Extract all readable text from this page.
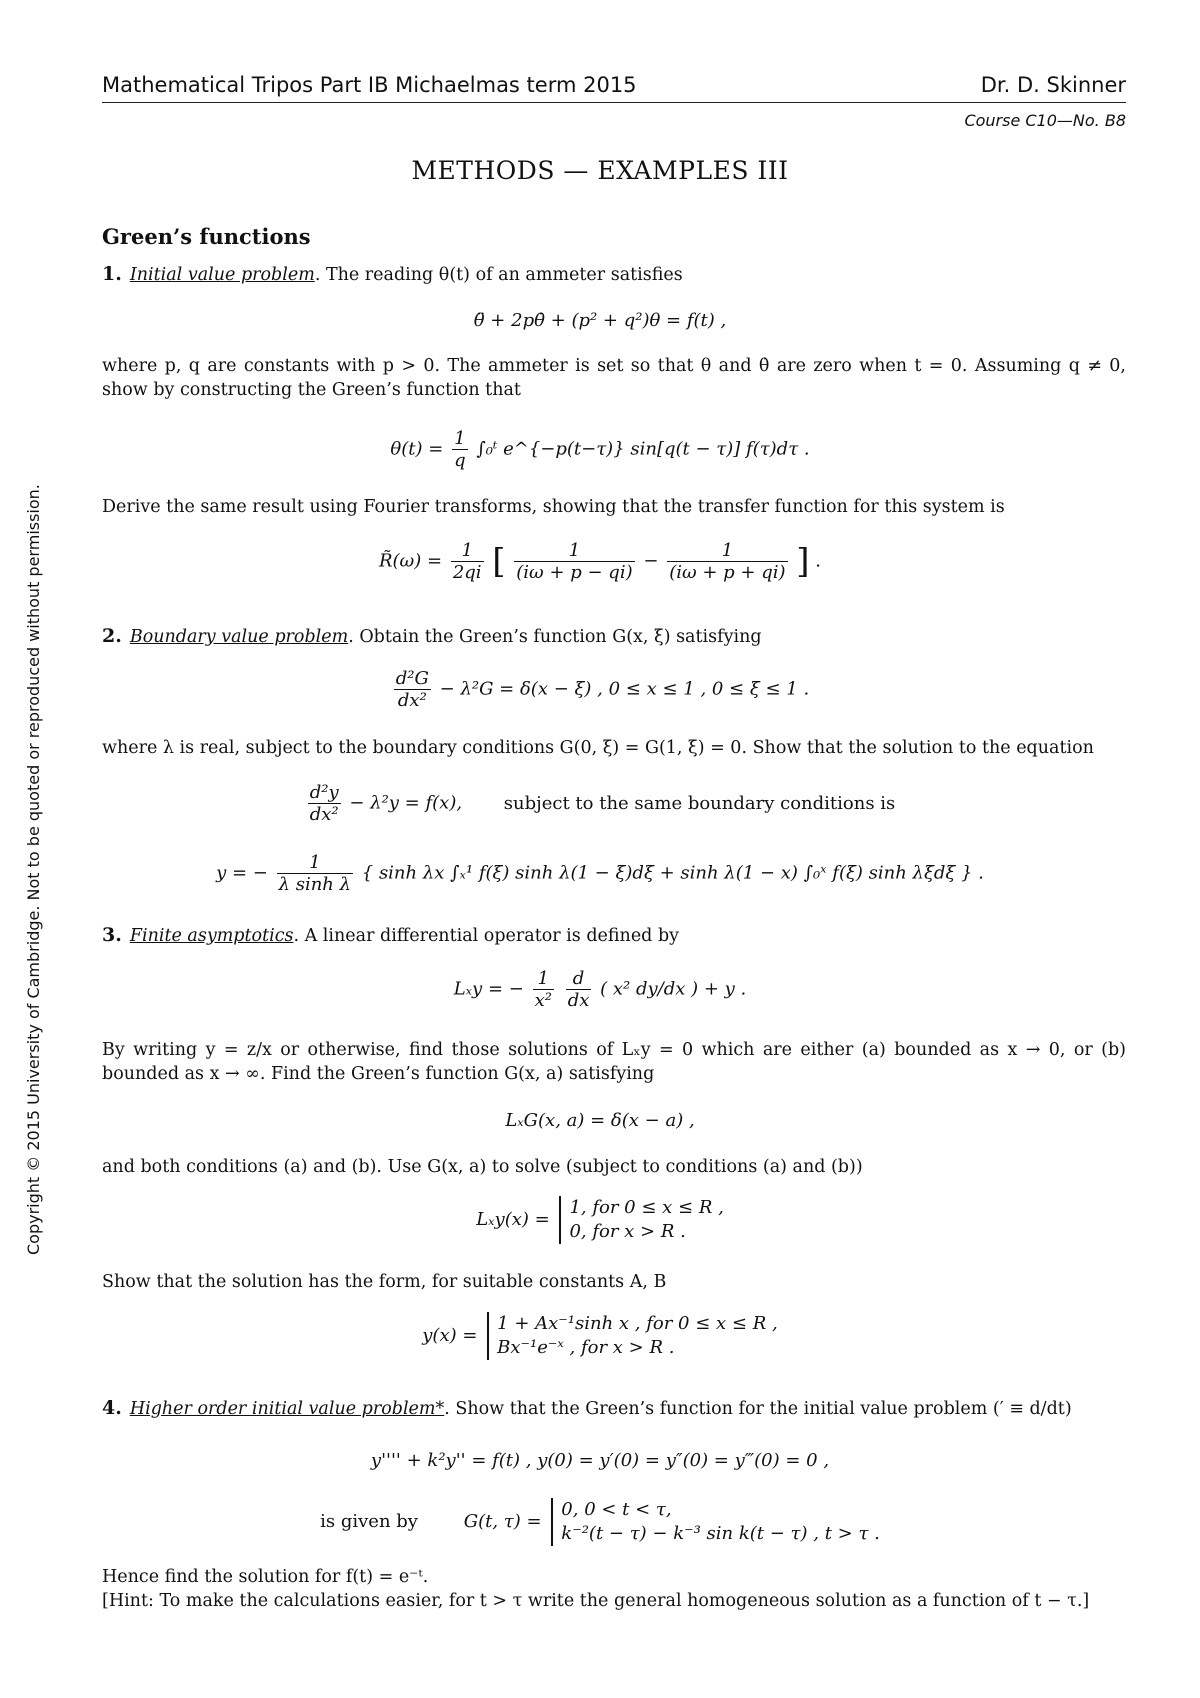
Mathematical Tripos Part IB Michaelmas term 2015	Dr. D. Skinner
Course C10—No. B8
Copyright © 2015 University of Cambridge. Not to be quoted or reproduced without permission.
METHODS — EXAMPLES III
Green’s functions
1. Initial value problem. The reading θ(t) of an ammeter satisfies
θ̈ + 2pθ̇ + (p² + q²)θ = f(t) ,
where p, q are constants with p > 0. The ammeter is set so that θ and θ̇ are zero when t = 0. Assuming q ≠ 0, show by constructing the Green’s function that
$\theta(t) = \frac{1}{q}$ ∫₀ᵗ e^{−p(t−τ)} sin[q(t − τ)] f(τ)dτ .
Derive the same result using Fourier transforms, showing that the transfer function for this system is
R̃(ω) = $\frac{1}{2qi}$ [ $\frac{1}{(i\omega + p - qi)} - \frac{1}{(i\omega + p + qi)}$ ] .
2. Boundary value problem. Obtain the Green’s function G(x, ξ) satisfying
$\frac{\text{d²G}}{\text{dx²}} - \lambda^2G = \delta(x - \xi)$ , 0 ≤ x ≤ 1 , 0 ≤ ξ ≤ 1 .
where λ is real, subject to the boundary conditions G(0, ξ) = G(1, ξ) = 0. Show that the solution to the equation
$\frac{\text{d²y}}{\text{dx²}} - \lambda^2y = f(x)$, subject to the same boundary conditions is
y = − $\frac{1}{\text{λ sinh λ}}$ { sinh λx ∫ₓ¹ f(ξ) sinh λ(1 − ξ)dξ + sinh λ(1 − x) ∫₀ˣ f(ξ) sinh λξdξ } .
3. Finite asymptotics. A linear differential operator is defined by
Lₓy = − $\frac{1}{\text{x²}}$
$\frac{d}{dx}$ ( x² dy/dx ) + y .
By writing y = z/x or otherwise, find those solutions of Lₓy = 0 which are either (a) bounded as x → 0, or (b) bounded as x → ∞. Find the Green’s function G(x, a) satisfying
LₓG(x, a) = δ(x − a) ,
and both conditions (a) and (b). Use G(x, a) to solve (subject to conditions (a) and (b))
Lₓy(x) =
1, for 0 ≤ x ≤ R ,
0, for x > R .
Show that the solution has the form, for suitable constants A, B
y(x) =
1 + Ax⁻¹sinh x , for 0 ≤ x ≤ R ,
Bx⁻¹e⁻ˣ , for x > R .
4. Higher order initial value problem*. Show that the Green’s function for the initial value problem (′ ≡ d/dt)
y'''' + k²y'' = f(t) , y(0) = y′(0) = y″(0) = y‴(0) = 0 ,
is given by	G(t, τ) =
0, 0 < t < τ,
k⁻²(t − τ) − k⁻³ sin k(t − τ) , t > τ .
Hence find the solution for f(t) = e⁻ᵗ.
[Hint: To make the calculations easier, for t > τ write the general homogeneous solution as a function of t − τ.]
